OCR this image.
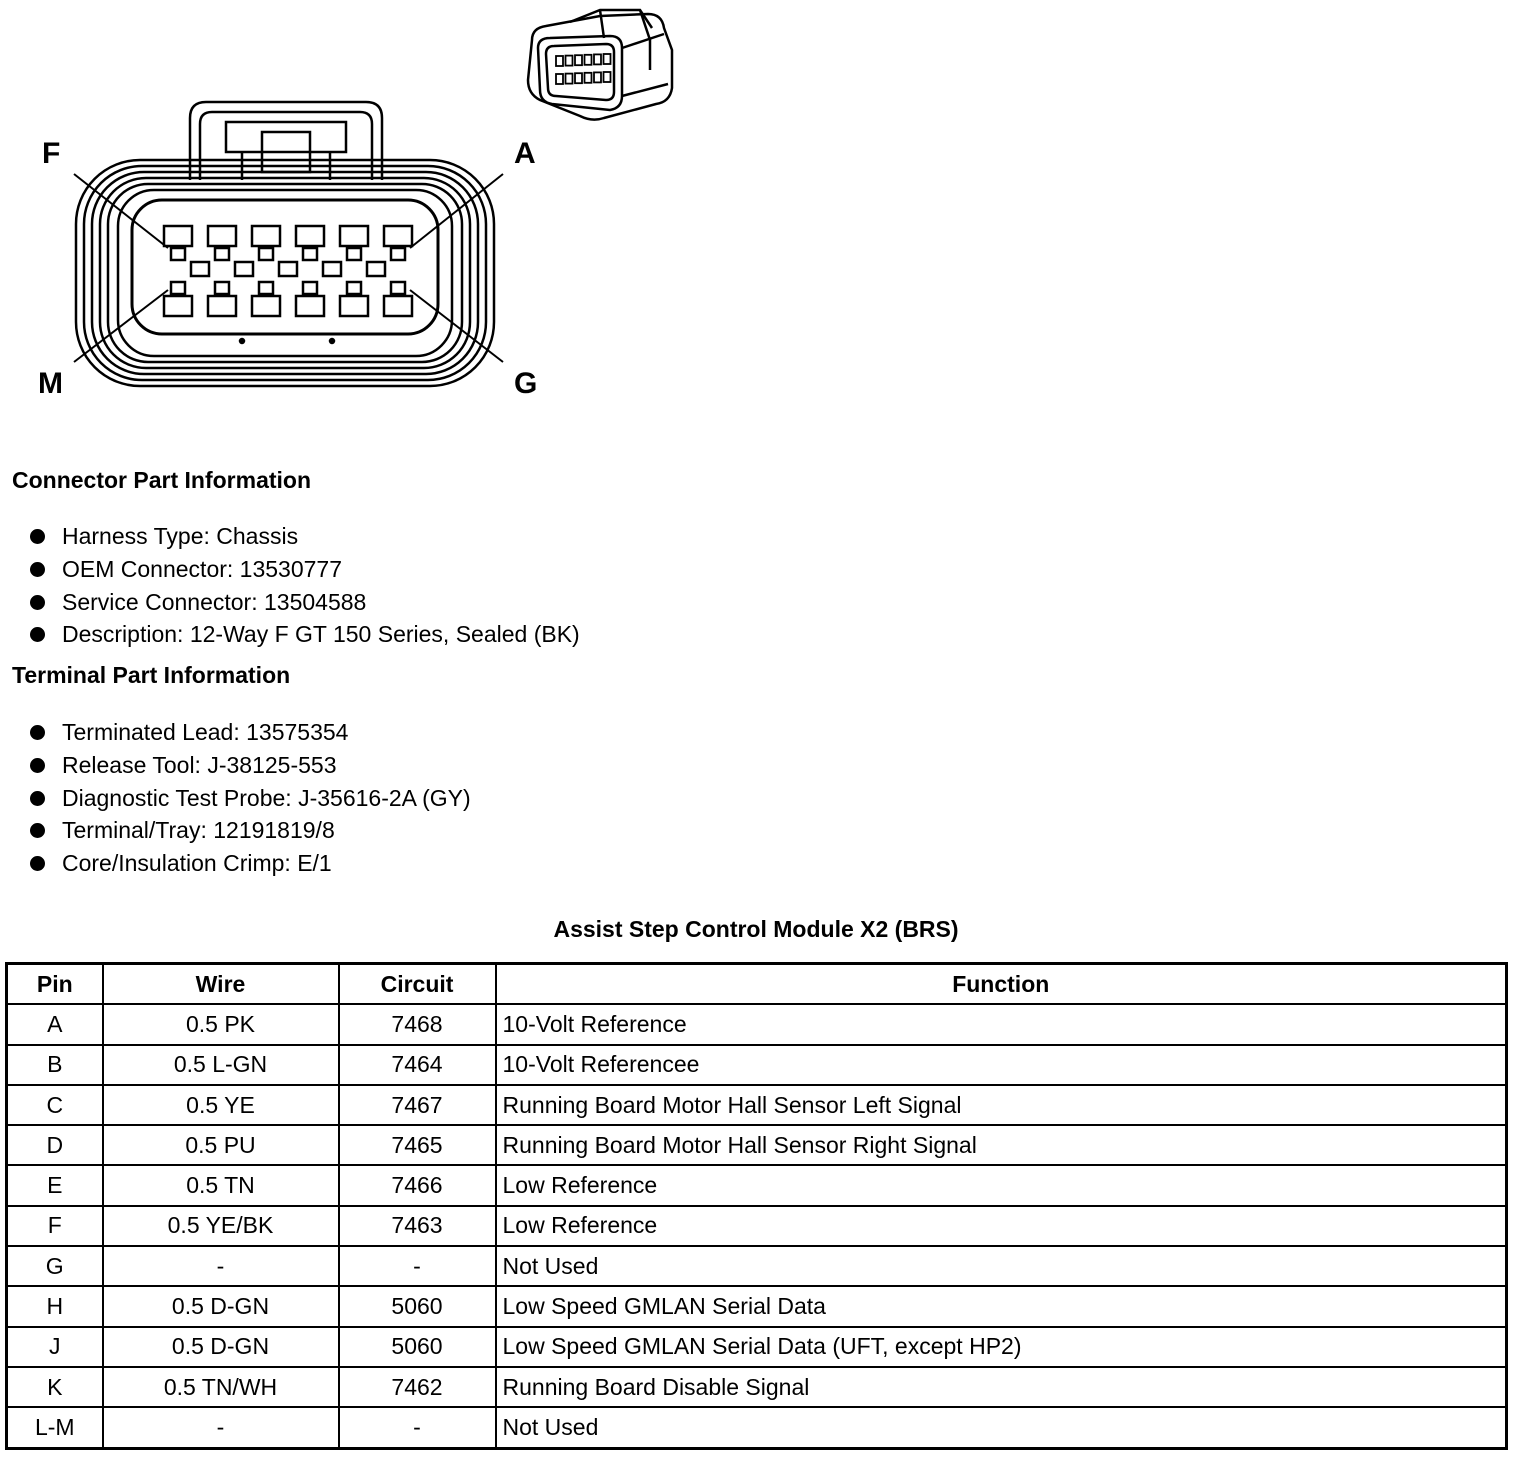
F	A
M	G
Connector Part Information
Harness Type: Chassis
OEM Connector: 13530777
Service Connector: 13504588
Description: 12-Way F GT 150 Series, Sealed (BK)
Terminal Part Information
Terminated Lead: 13575354
Release Tool: J-38125-553
Diagnostic Test Probe: J-35616-2A (GY)
Terminal/Tray: 12191819/8
Core/Insulation Crimp: E/1
Assist Step Control Module X2 (BRS)
Pin	Wire	Circuit	Function
A	0.5 PK	7468	10-Volt Reference
B	0.5 L-GN	7464	10-Volt Referencee
C	0.5 YE	7467	Running Board Motor Hall Sensor Left Signal
D	0.5 PU	7465	Running Board Motor Hall Sensor Right Signal
E	0.5 TN	7466	Low Reference
F	0.5 YE/BK	7463	Low Reference
G	-	-	Not Used
H	0.5 D-GN	5060	Low Speed GMLAN Serial Data
J	0.5 D-GN	5060	Low Speed GMLAN Serial Data (UFT, except HP2)
K	0.5 TN/WH	7462	Running Board Disable Signal
L-M	-	-	Not Used
